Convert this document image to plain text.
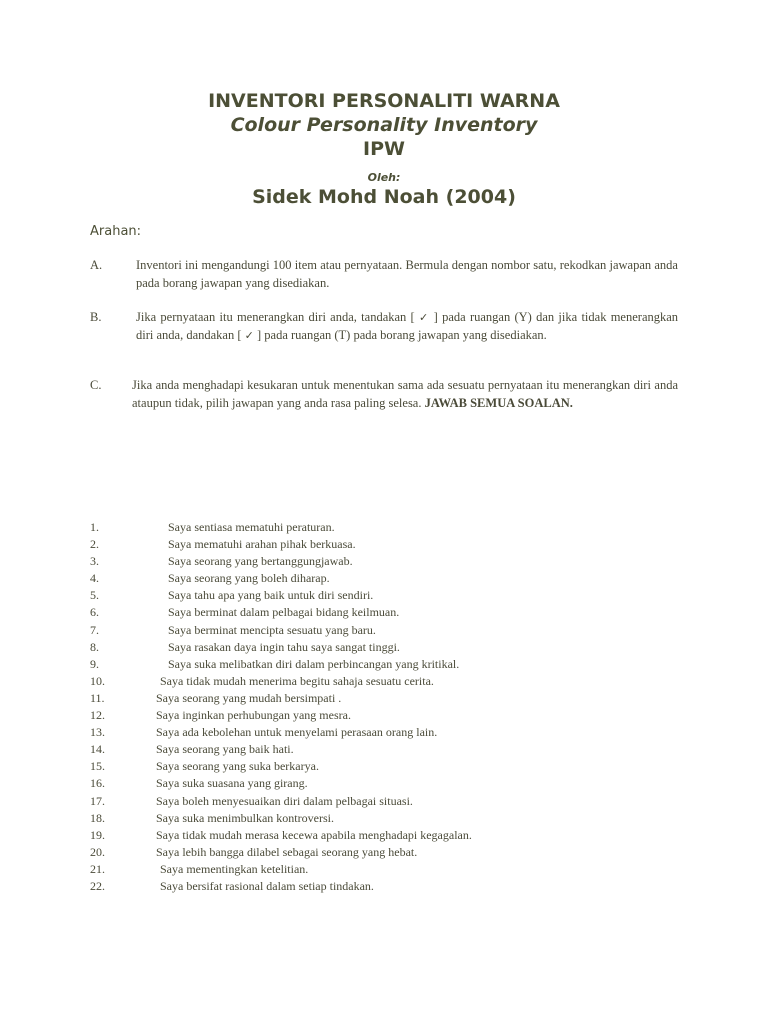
INVENTORI PERSONALITI WARNA
Colour Personality Inventory
IPW
Oleh:
Sidek Mohd Noah (2004)
Arahan:
A.	Inventori ini mengandungi 100 item atau pernyataan. Bermula dengan nombor satu, rekodkan jawapan anda pada borang jawapan yang disediakan.
B.	Jika pernyataan itu menerangkan diri anda, tandakan [ ✓ ] pada ruangan (Y) dan jika tidak menerangkan diri anda, dandakan [ ✓ ] pada ruangan (T) pada borang jawapan yang disediakan.
C. Jika anda menghadapi kesukaran untuk menentukan sama ada sesuatu pernyataan itu menerangkan diri anda ataupun tidak, pilih jawapan yang anda rasa paling selesa. JAWAB SEMUA SOALAN.
1.	Saya sentiasa mematuhi peraturan.
2.	Saya mematuhi arahan pihak berkuasa.
3.	Saya seorang yang bertanggungjawab.
4.	Saya seorang yang boleh diharap.
5.	Saya tahu apa yang baik untuk diri sendiri.
6.	Saya berminat dalam pelbagai bidang keilmuan.
7.	Saya berminat mencipta sesuatu yang baru.
8.	Saya rasakan daya ingin tahu saya sangat tinggi.
9.	Saya suka melibatkan diri dalam perbincangan yang kritikal.
10.	Saya tidak mudah menerima begitu sahaja sesuatu cerita.
11.	Saya seorang yang mudah bersimpati .
12.	Saya inginkan perhubungan yang mesra.
13.	Saya ada kebolehan untuk menyelami perasaan orang lain.
14.	Saya seorang yang baik hati.
15.	Saya seorang yang suka berkarya.
16.	Saya suka suasana yang girang.
17.	Saya boleh menyesuaikan diri dalam pelbagai situasi.
18.	Saya suka menimbulkan kontroversi.
19.	Saya tidak mudah merasa kecewa apabila menghadapi kegagalan.
20.	Saya lebih bangga dilabel sebagai seorang yang hebat.
21.	Saya mementingkan ketelitian.
22.	Saya bersifat rasional dalam setiap tindakan.
